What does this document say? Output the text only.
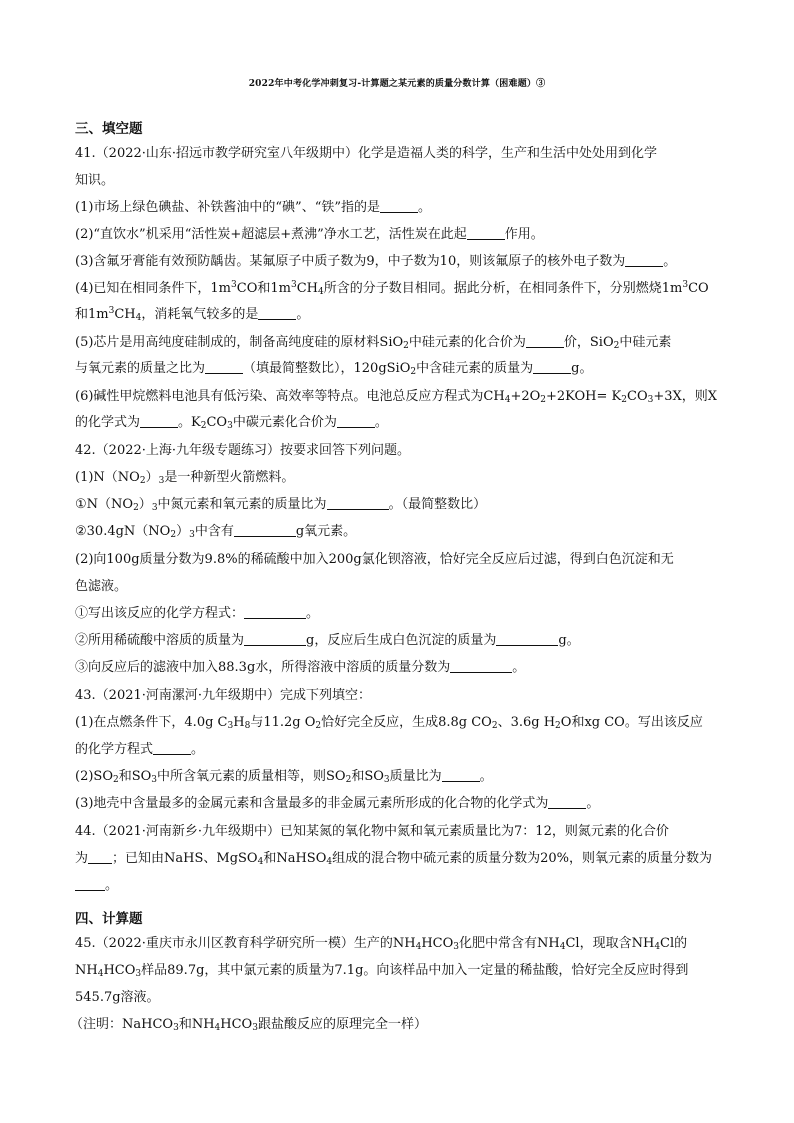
2022年中考化学冲刺复习-计算题之某元素的质量分数计算（困难题）③
三、填空题
41.（2022·山东·招远市教学研究室八年级期中）化学是造福人类的科学，生产和生活中处处用到化学
知识。
(1)市场上绿色碘盐、补铁酱油中的“碘”、“铁”指的是	。
(2)“直饮水”机采用“活性炭+超滤层+煮沸”净水工艺，活性炭在此起	作用。
(3)含氟牙膏能有效预防龋齿。某氟原子中质子数为9，中子数为10，则该氟原子的核外电子数为	。
(4)已知在相同条件下，$1m^3CO$和$1m^3CH_4$所含的分子数目相同。据此分析，在相同条件下，分别燃烧$1m^3CO$
和$1m^3CH_4$，消耗氧气较多的是	。
(5)芯片是用高纯度硅制成的，制备高纯度硅的原材料SiO$_2$中硅元素的化合价为	价，SiO$_2$中硅元素
与氧元素的质量之比为	（填最简整数比），120gSiO$_2$中含硅元素的质量为	g。
(6)碱性甲烷燃料电池具有低污染、高效率等特点。电池总反应方程式为$CH_4+2O_2+2KOH= K_2CO_3+3X$，则X
的化学式为	。$K_2CO_3$中碳元素化合价为	。
42.（2022·上海·九年级专题练习）按要求回答下列问题。
$(1)N(NO_2)_3$是一种新型火箭燃料。
$①N(NO_2)_3$中氮元素和氧元素的质量比为	。（最简整数比）
$②30.4gN(NO_2)_3$中含有	g氧元素。
(2)向100g质量分数为9.8%的稀硫酸中加入200g氯化钡溶液，恰好完全反应后过滤，得到白色沉淀和无
色滤液。
①写出该反应的化学方程式：	。
②所用稀硫酸中溶质的质量为	g，反应后生成白色沉淀的质量为	g。
③向反应后的滤液中加入88.3g水，所得溶液中溶质的质量分数为	。
43.（2021·河南漯河·九年级期中）完成下列填空：
(1)在点燃条件下，4.0g $C_3H_8$与11.2g $O_2$恰好完全反应，生成8.8g $CO_2$、3.6g $H_2O$和xg CO。写出该反应
的化学方程式	。
$(2)SO_2$和$SO_3$中所含氧元素的质量相等，则$SO_2$和$SO_3$质量比为	。
(3)地壳中含量最多的金属元素和含量最多的非金属元素所形成的化合物的化学式为	。
44.（2021·河南新乡·九年级期中）已知某氮的氧化物中氮和氧元素质量比为7：12，则氮元素的化合价
为 ；已知由NaHS、MgSO$_4$和NaHSO$_4$组成的混合物中硫元素的质量分数为20%，则氧元素的质量分数为
。
四、计算题
45.（2022·重庆市永川区教育科学研究所一模）生产的$NH_4HCO_3$化肥中常含有$NH_4Cl$，现取含$NH_4Cl$的
$NH_4HCO_3$样品89.7g，其中氯元素的质量为7.1g。向该样品中加入一定量的稀盐酸，恰好完全反应时得到
545.7g溶液。
（注明：NaHCO$_3$和$NH_4HCO_3$跟盐酸反应的原理完全一样）
